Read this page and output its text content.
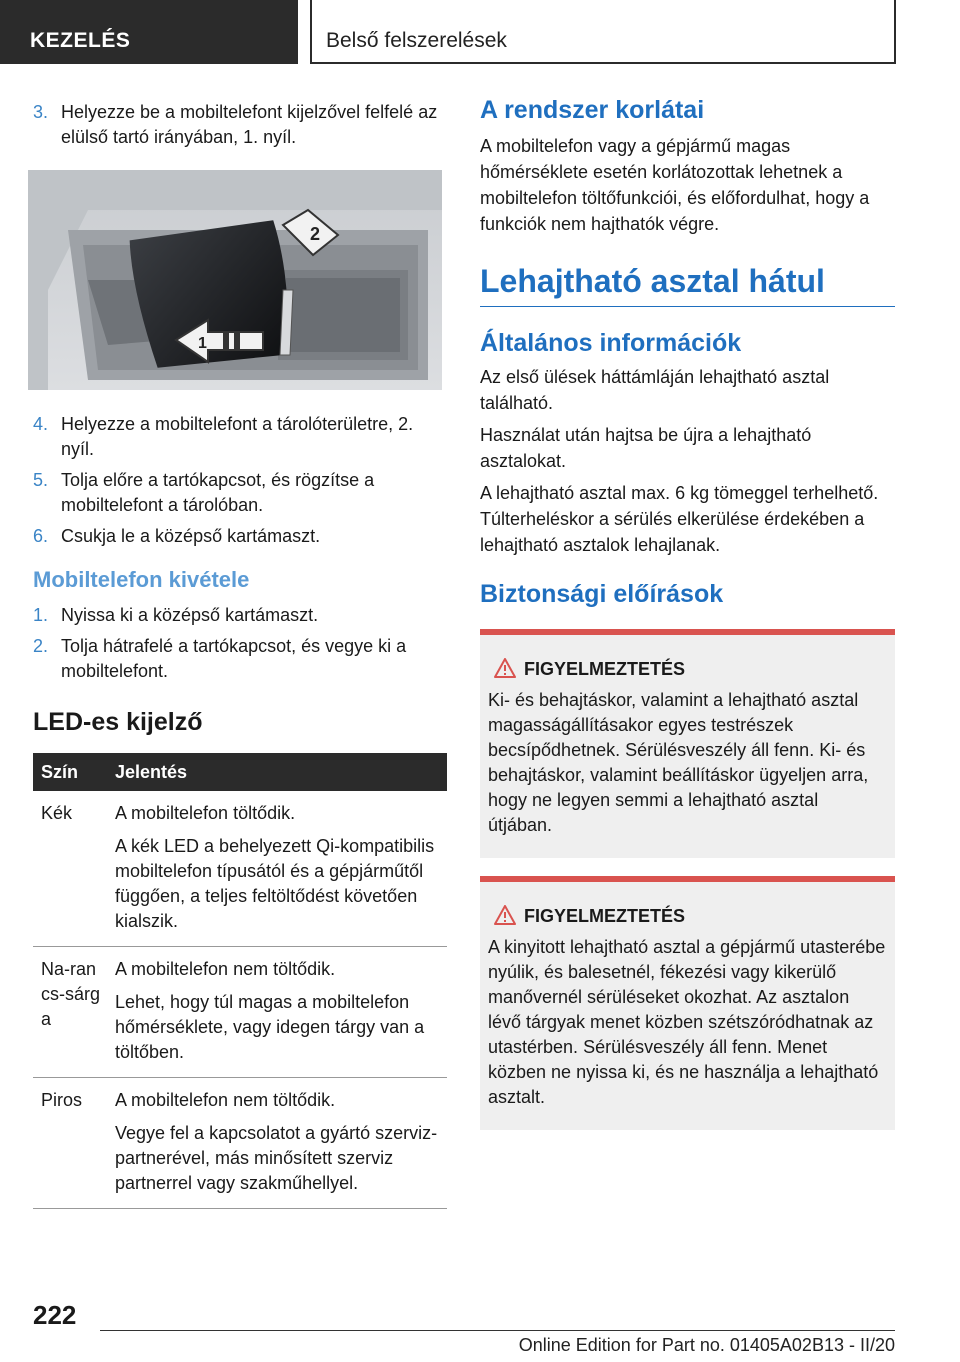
KEZELÉS	Belső felszerelések
3. Helyezze be a mobiltelefont kijelzővel felfelé az elülső tartó irányában, 1. nyíl.
2
1
4. Helyezze a mobiltelefont a tárolóterületre, 2. nyíl.
5. Tolja előre a tartókapcsot, és rögzítse a mobiltelefont a tárolóban.
6. Csukja le a középső kartámaszt.
Mobiltelefon kivétele
1. Nyissa ki a középső kartámaszt.
2. Tolja hátrafelé a tartókapcsot, és vegye ki a mobiltelefont.
LED-es kijelző
Szín	Jelentés
Kék	A mobiltelefon töltődik.

A kék LED a behelyezett Qi-kompatibilis mobiltelefon típusától és a gépjárműtől függően, a teljes feltöltődést követően kialszik.

Na-rancs-sárga	A mobiltelefon nem töltődik.

Lehet, hogy túl magas a mobiltelefon hőmérséklete, vagy idegen tárgy van a töltőben.

Piros	A mobiltelefon nem töltődik.

Vegye fel a kapcsolatot a gyártó szerviz-partnerével, más minősített szerviz partnerrel vagy szakműhellyel.

A rendszer korlátai

A mobiltelefon vagy a gépjármű magas hőmérséklete esetén korlátozottak lehetnek a mobiltelefon töltőfunkciói, és előfordulhat, hogy a funkciók nem hajthatók végre.

Lehajtható asztal hátul
Általános információk

Az első ülések háttámláján lehajtható asztal található.

Használat után hajtsa be újra a lehajtható asztalokat.

A lehajtható asztal max. 6 kg tömeggel terhelhető. Túlterheléskor a sérülés elkerülése érdekében a lehajtható asztalok lehajlanak.

Biztonsági előírások
FIGYELMEZTETÉS
Ki- és behajtáskor, valamint a lehajtható asztal magasságállításakor egyes testrészek becsípődhetnek. Sérülésveszély áll fenn. Ki- és behajtáskor, valamint beállításkor ügyeljen arra, hogy ne legyen semmi a lehajtható asztal útjában.
FIGYELMEZTETÉS
A kinyitott lehajtható asztal a gépjármű utasterébe nyúlik, és balesetnél, fékezési vagy kikerülő manővernél sérüléseket okozhat. Az asztalon lévő tárgyak menet közben szétszóródhatnak az utastérben. Sérülésveszély áll fenn. Menet közben ne nyissa ki, és ne használja a lehajtható asztalt.
222
Online Edition for Part no. 01405A02B13 - II/20
